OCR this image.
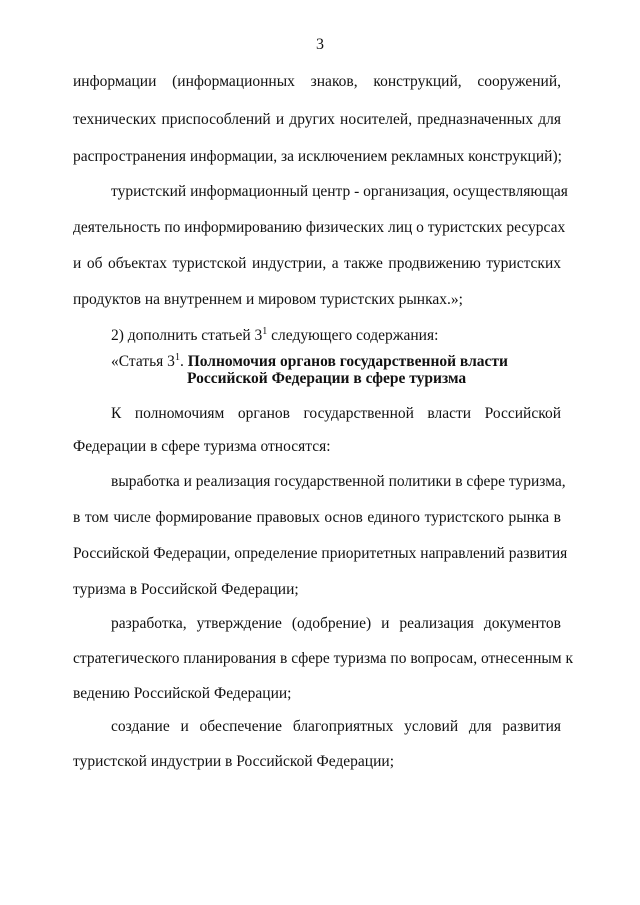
3
информации (информационных знаков, конструкций, сооружений,
технических приспособлений и других носителей, предназначенных для
распространения информации, за исключением рекламных конструкций);
туристский информационный центр - организация, осуществляющая
деятельность по информированию физических лиц о туристских ресурсах
и об объектах туристской индустрии, а также продвижению туристских
продуктов на внутреннем и мировом туристских рынках.»;
2) дополнить статьей $3^1$ следующего содержания:
«Статья $3^1$. Полномочия органов государственной власти
Российской Федерации в сфере туризма
К полномочиям органов государственной власти Российской
Федерации в сфере туризма относятся:
выработка и реализация государственной политики в сфере туризма,
в том числе формирование правовых основ единого туристского рынка в
Российской Федерации, определение приоритетных направлений развития
туризма в Российской Федерации;
разработка, утверждение (одобрение) и реализация документов
стратегического планирования в сфере туризма по вопросам, отнесенным к
ведению Российской Федерации;
создание и обеспечение благоприятных условий для развития
туристской индустрии в Российской Федерации;
